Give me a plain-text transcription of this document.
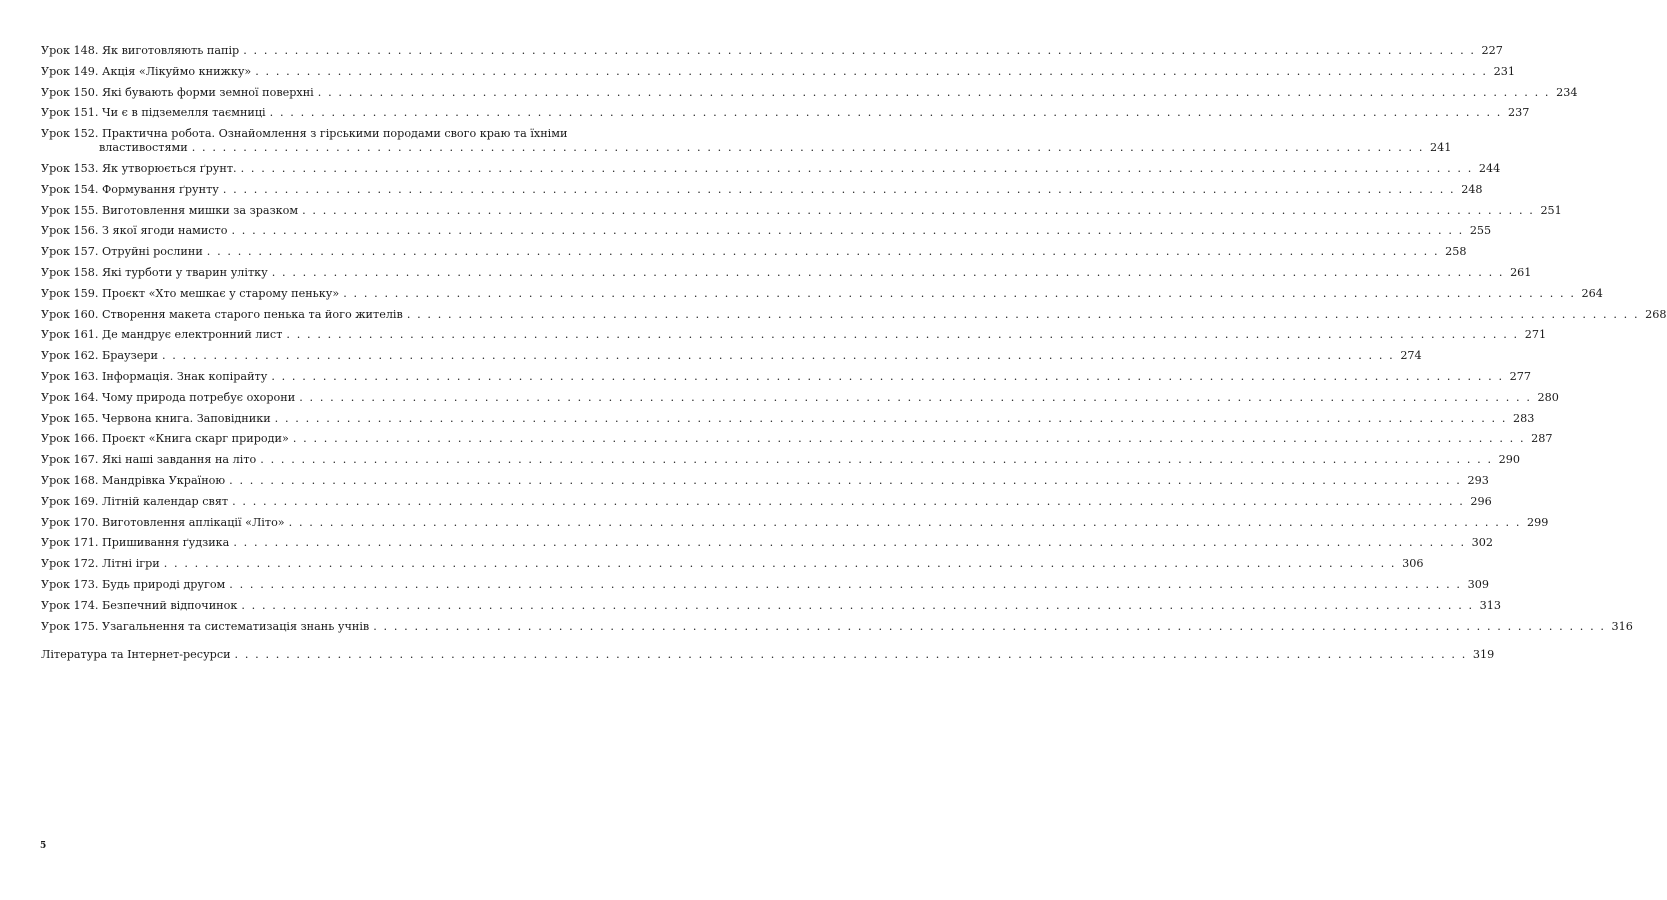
Урок 148. Як виготовляють папір . . . . . . . . . . . . . . . . . . . . . . . . . . . . . . . . . . . . . . . . . . . . . . . . . . . . . . . . . . . . . . . . . . . . . . . . . . . . . . . . . . . . . . . . . . . . . . . . . . . . . . . . . . . . . . . . . . . . . . . . 227
Урок 149. Акція «Лікуймо книжку» . . . . . . . . . . . . . . . . . . . . . . . . . . . . . . . . . . . . . . . . . . . . . . . . . . . . . . . . . . . . . . . . . . . . . . . . . . . . . . . . . . . . . . . . . . . . . . . . . . . . . . . . . . . . . . . . . . . . . . . . 231
Урок 150. Які бувають форми земної поверхні . . . . . . . . . . . . . . . . . . . . . . . . . . . . . . . . . . . . . . . . . . . . . . . . . . . . . . . . . . . . . . . . . . . . . . . . . . . . . . . . . . . . . . . . . . . . . . . . . . . . . . . . . . . . . . . . . . . . . . . . 234
Урок 151. Чи є в підземелля таємниці . . . . . . . . . . . . . . . . . . . . . . . . . . . . . . . . . . . . . . . . . . . . . . . . . . . . . . . . . . . . . . . . . . . . . . . . . . . . . . . . . . . . . . . . . . . . . . . . . . . . . . . . . . . . . . . . . . . . . . . . 237
Урок 152. Практична робота. Ознайомлення з гірськими породами свого краю та їхніми
властивостями . . . . . . . . . . . . . . . . . . . . . . . . . . . . . . . . . . . . . . . . . . . . . . . . . . . . . . . . . . . . . . . . . . . . . . . . . . . . . . . . . . . . . . . . . . . . . . . . . . . . . . . . . . . . . . . . . . . . . . . . 241
Урок 153. Як утворюється ґрунт. . . . . . . . . . . . . . . . . . . . . . . . . . . . . . . . . . . . . . . . . . . . . . . . . . . . . . . . . . . . . . . . . . . . . . . . . . . . . . . . . . . . . . . . . . . . . . . . . . . . . . . . . . . . . . . . . . . . . . . . . 244
Урок 154. Формування ґрунту . . . . . . . . . . . . . . . . . . . . . . . . . . . . . . . . . . . . . . . . . . . . . . . . . . . . . . . . . . . . . . . . . . . . . . . . . . . . . . . . . . . . . . . . . . . . . . . . . . . . . . . . . . . . . . . . . . . . . . . . 248
Урок 155. Виготовлення мишки за зразком . . . . . . . . . . . . . . . . . . . . . . . . . . . . . . . . . . . . . . . . . . . . . . . . . . . . . . . . . . . . . . . . . . . . . . . . . . . . . . . . . . . . . . . . . . . . . . . . . . . . . . . . . . . . . . . . . . . . . . . . 251
Урок 156. З якої ягоди намисто . . . . . . . . . . . . . . . . . . . . . . . . . . . . . . . . . . . . . . . . . . . . . . . . . . . . . . . . . . . . . . . . . . . . . . . . . . . . . . . . . . . . . . . . . . . . . . . . . . . . . . . . . . . . . . . . . . . . . . . . 255
Урок 157. Отруйні рослини . . . . . . . . . . . . . . . . . . . . . . . . . . . . . . . . . . . . . . . . . . . . . . . . . . . . . . . . . . . . . . . . . . . . . . . . . . . . . . . . . . . . . . . . . . . . . . . . . . . . . . . . . . . . . . . . . . . . . . . . 258
Урок 158. Які турботи у тварин улітку . . . . . . . . . . . . . . . . . . . . . . . . . . . . . . . . . . . . . . . . . . . . . . . . . . . . . . . . . . . . . . . . . . . . . . . . . . . . . . . . . . . . . . . . . . . . . . . . . . . . . . . . . . . . . . . . . . . . . . . . 261
Урок 159. Проєкт «Хто мешкає у старому пеньку» . . . . . . . . . . . . . . . . . . . . . . . . . . . . . . . . . . . . . . . . . . . . . . . . . . . . . . . . . . . . . . . . . . . . . . . . . . . . . . . . . . . . . . . . . . . . . . . . . . . . . . . . . . . . . . . . . . . . . . . . 264
Урок 160. Створення макета старого пенька та його жителів . . . . . . . . . . . . . . . . . . . . . . . . . . . . . . . . . . . . . . . . . . . . . . . . . . . . . . . . . . . . . . . . . . . . . . . . . . . . . . . . . . . . . . . . . . . . . . . . . . . . . . . . . . . . . . . . . . . . . . . . 268
Урок 161. Де мандрує електронний лист . . . . . . . . . . . . . . . . . . . . . . . . . . . . . . . . . . . . . . . . . . . . . . . . . . . . . . . . . . . . . . . . . . . . . . . . . . . . . . . . . . . . . . . . . . . . . . . . . . . . . . . . . . . . . . . . . . . . . . . . 271
Урок 162. Браузери . . . . . . . . . . . . . . . . . . . . . . . . . . . . . . . . . . . . . . . . . . . . . . . . . . . . . . . . . . . . . . . . . . . . . . . . . . . . . . . . . . . . . . . . . . . . . . . . . . . . . . . . . . . . . . . . . . . . . . . . 274
Урок 163. Інформація. Знак копірайту . . . . . . . . . . . . . . . . . . . . . . . . . . . . . . . . . . . . . . . . . . . . . . . . . . . . . . . . . . . . . . . . . . . . . . . . . . . . . . . . . . . . . . . . . . . . . . . . . . . . . . . . . . . . . . . . . . . . . . . . 277
Урок 164. Чому природа потребує охорони . . . . . . . . . . . . . . . . . . . . . . . . . . . . . . . . . . . . . . . . . . . . . . . . . . . . . . . . . . . . . . . . . . . . . . . . . . . . . . . . . . . . . . . . . . . . . . . . . . . . . . . . . . . . . . . . . . . . . . . . 280
Урок 165. Червона книга. Заповідники . . . . . . . . . . . . . . . . . . . . . . . . . . . . . . . . . . . . . . . . . . . . . . . . . . . . . . . . . . . . . . . . . . . . . . . . . . . . . . . . . . . . . . . . . . . . . . . . . . . . . . . . . . . . . . . . . . . . . . . . 283
Урок 166. Проєкт «Книга скарг природи» . . . . . . . . . . . . . . . . . . . . . . . . . . . . . . . . . . . . . . . . . . . . . . . . . . . . . . . . . . . . . . . . . . . . . . . . . . . . . . . . . . . . . . . . . . . . . . . . . . . . . . . . . . . . . . . . . . . . . . . . 287
Урок 167. Які наші завдання на літо . . . . . . . . . . . . . . . . . . . . . . . . . . . . . . . . . . . . . . . . . . . . . . . . . . . . . . . . . . . . . . . . . . . . . . . . . . . . . . . . . . . . . . . . . . . . . . . . . . . . . . . . . . . . . . . . . . . . . . . . 290
Урок 168. Мандрівка Україною . . . . . . . . . . . . . . . . . . . . . . . . . . . . . . . . . . . . . . . . . . . . . . . . . . . . . . . . . . . . . . . . . . . . . . . . . . . . . . . . . . . . . . . . . . . . . . . . . . . . . . . . . . . . . . . . . . . . . . . . 293
Урок 169. Літній календар свят . . . . . . . . . . . . . . . . . . . . . . . . . . . . . . . . . . . . . . . . . . . . . . . . . . . . . . . . . . . . . . . . . . . . . . . . . . . . . . . . . . . . . . . . . . . . . . . . . . . . . . . . . . . . . . . . . . . . . . . . 296
Урок 170. Виготовлення аплікації «Літо» . . . . . . . . . . . . . . . . . . . . . . . . . . . . . . . . . . . . . . . . . . . . . . . . . . . . . . . . . . . . . . . . . . . . . . . . . . . . . . . . . . . . . . . . . . . . . . . . . . . . . . . . . . . . . . . . . . . . . . . . 299
Урок 171. Пришивання ґудзика . . . . . . . . . . . . . . . . . . . . . . . . . . . . . . . . . . . . . . . . . . . . . . . . . . . . . . . . . . . . . . . . . . . . . . . . . . . . . . . . . . . . . . . . . . . . . . . . . . . . . . . . . . . . . . . . . . . . . . . . 302
Урок 172. Літні ігри . . . . . . . . . . . . . . . . . . . . . . . . . . . . . . . . . . . . . . . . . . . . . . . . . . . . . . . . . . . . . . . . . . . . . . . . . . . . . . . . . . . . . . . . . . . . . . . . . . . . . . . . . . . . . . . . . . . . . . . . 306
Урок 173. Будь природі другом . . . . . . . . . . . . . . . . . . . . . . . . . . . . . . . . . . . . . . . . . . . . . . . . . . . . . . . . . . . . . . . . . . . . . . . . . . . . . . . . . . . . . . . . . . . . . . . . . . . . . . . . . . . . . . . . . . . . . . . . 309
Урок 174. Безпечний відпочинок . . . . . . . . . . . . . . . . . . . . . . . . . . . . . . . . . . . . . . . . . . . . . . . . . . . . . . . . . . . . . . . . . . . . . . . . . . . . . . . . . . . . . . . . . . . . . . . . . . . . . . . . . . . . . . . . . . . . . . . . 313
Урок 175. Узагальнення та систематизація знань учнів . . . . . . . . . . . . . . . . . . . . . . . . . . . . . . . . . . . . . . . . . . . . . . . . . . . . . . . . . . . . . . . . . . . . . . . . . . . . . . . . . . . . . . . . . . . . . . . . . . . . . . . . . . . . . . . . . . . . . . . . 316
Література та Інтернет-ресурси . . . . . . . . . . . . . . . . . . . . . . . . . . . . . . . . . . . . . . . . . . . . . . . . . . . . . . . . . . . . . . . . . . . . . . . . . . . . . . . . . . . . . . . . . . . . . . . . . . . . . . . . . . . . . . . . . . . . . . . . 319
5
